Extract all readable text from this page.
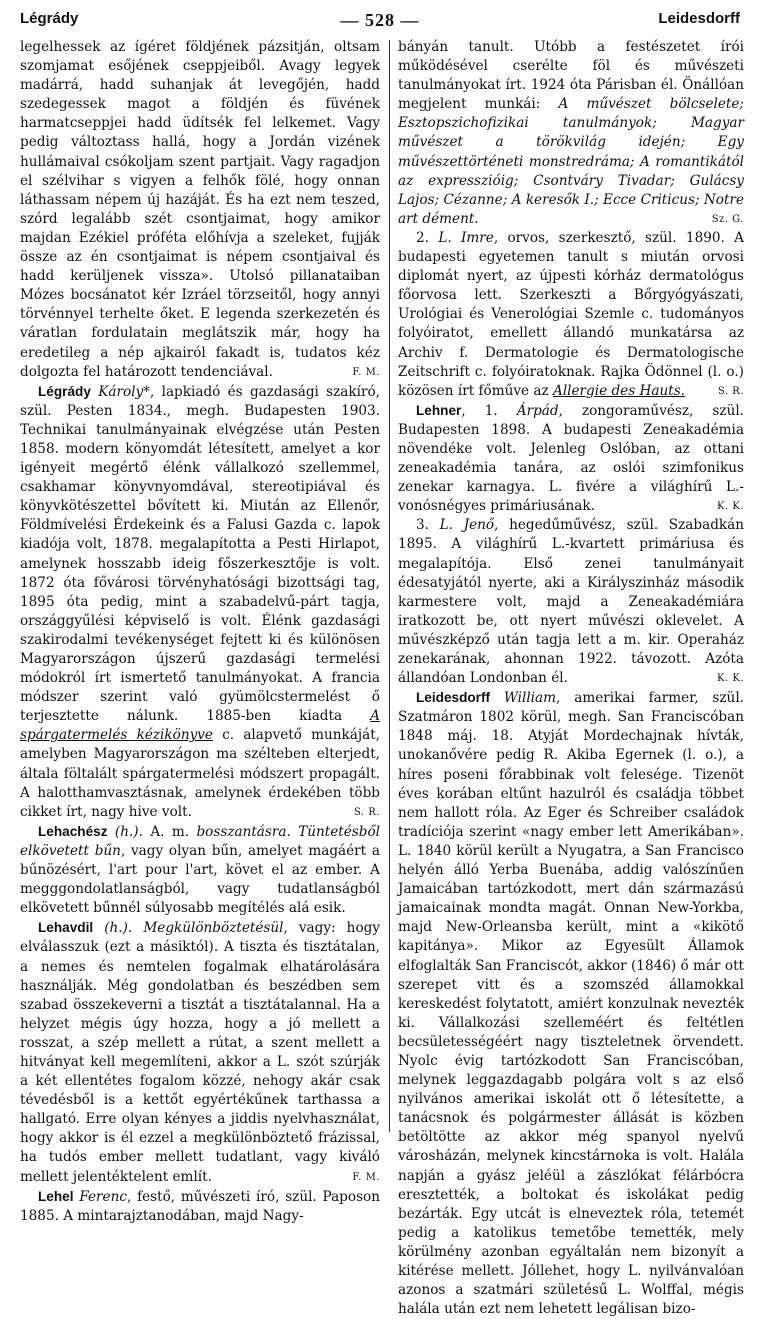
Légrády	— 528 —	Leidesdorff

legelhessek az ígéret földjének pázsitján, oltsam szomjamat esőjének cseppjeiből. Avagy legyek madárrá, hadd suhanjak át levegőjén, hadd szedegessek magot a földjén és füvének harmatcseppjei hadd üdítsék fel lelkemet. Vagy pedig változtass hallá, hogy a Jordán vizének hullámaival csókoljam szent partjait. Vagy ragadjon el szélvihar s vigyen a felhők fölé, hogy onnan láthassam népem új hazáját. És ha ezt nem teszed, szórd legalább szét csontjaimat, hogy amikor majdan Ezékiel próféta előhívja a szeleket, fujják össze az én csontjaimat is népem csontjaival és hadd kerüljenek vissza». Utolsó pillanataiban Mózes bocsánatot kér Izráel törzseitől, hogy annyi törvénnyel terhelte őket. E legenda szerkezetén és váratlan fordulatain meglátszik már, hogy ha eredetileg a nép ajkairól fakadt is, tudatos kéz dolgozta fel határozott tendenciával.	F. M.

Légrády Károly*, lapkiadó és gazdasági szakíró, szül. Pesten 1834., megh. Budapesten 1903. Technikai tanulmányainak elvégzése után Pesten 1858. modern könyomdát létesített, amelyet a kor igényeit megértő élénk vállalkozó szellemmel, csakhamar könyvnyomdával, stereotipiával és könyvkötészettel bővített ki. Miután az Ellenőr, Földmívelési Érdekeink és a Falusi Gazda c. lapok kiadója volt, 1878. megalapította a Pesti Hirlapot, amelynek hosszabb ideig főszerkesztője is volt. 1872 óta fővárosi törvényhatósági bizottsági tag, 1895 óta pedig, mint a szabadelvű-párt tagja, országgyűlési képviselő is volt. Élénk gazdasági szakirodalmi tevékenységet fejtett ki és különösen Magyarországon újszerű gazdasági termelési módokról írt ismertető tanulmányokat. A francia módszer szerint való gyümölcstermelést ő terjesztette nálunk. 1885-ben kiadta A spárgatermelés kézikönyve c. alapvető munkáját, amelyben Magyarországon ma szélteben elterjedt, általa föltalált spárgatermelési módszert propagált. A halotthamvasztásnak, amelynek érdekében több cikket írt, nagy hive volt.	S. R.

Lehachész (h.). A. m. bosszantásra. Tüntetésből elkövetett bűn, vagy olyan bűn, amelyet magáért a bűnözésért, l'art pour l'art, követ el az ember. A megggondolatlanságból, vagy tudatlanságból elkövetett bűnnél súlyosabb megítélés alá esik.

Lehavdil (h.). Megkülönböztetésül, vagy: hogy elválasszuk (ezt a másiktól). A tiszta és tisztátalan, a nemes és nemtelen fogalmak elhatárolására használják. Még gondolatban és beszédben sem szabad összekeverni a tisztát a tisztátalannal. Ha a helyzet mégis úgy hozza, hogy a jó mellett a rosszat, a szép mellett a rútat, a szent mellett a hitványat kell megemlíteni, akkor a L. szót szúrják a két ellentétes fogalom közzé, nehogy akár csak tévedésből is a kettőt egyértékűnek tarthassa a hallgató. Erre olyan kényes a jiddis nyelvhasználat, hogy akkor is él ezzel a megkülönböztető frázissal, ha tudós ember mellett tudatlant, vagy kiváló mellett jelentéktelent említ.	F. M.

Lehel Ferenc, festő, művészeti író, szül. Paposon 1885. A mintarajztanodában, majd Nagy-

bányán tanult. Utóbb a festészetet írói működésével cserélte föl és művészeti tanulmányokat írt. 1924 óta Párisban él. Önállóan megjelent munkái: A művészet bölcselete; Esztopszichofizikai tanulmányok; Magyar művészet a törökvilág idején; Egy művészettörténeti monstredráma; A romantikától az expresszióig; Csontváry Tivadar; Gulácsy Lajos; Cézanne; A keresők I.; Ecce Criticus; Notre art dément.	Sz. G.

2. L. Imre, orvos, szerkesztő, szül. 1890. A budapesti egyetemen tanult s miután orvosi diplomát nyert, az újpesti kórház dermatológus főorvosa lett. Szerkeszti a Bőrgyógyászati, Urológiai és Venerológiai Szemle c. tudományos folyóiratot, emellett állandó munkatársa az Archiv f. Dermatologie és Dermatologische Zeitschrift c. folyóiratoknak. Rajka Ödönnel (l. o.) közösen írt főműve az Allergie des Hauts.	S. R.

Lehner, 1. Árpád, zongoraművész, szül. Budapesten 1898. A budapesti Zeneakadémia növendéke volt. Jelenleg Oslóban, az ottani zeneakadémia tanára, az oslói szimfonikus zenekar karnagya. L. fivére a világhírű L.-vonósnégyes primáriusának.	K. K.

3. L. Jenő, hegedűművész, szül. Szabadkán 1895. A világhírű L.-kvartett primáriusa és megalapítója. Első zenei tanulmányait édesatyjától nyerte, aki a Királyszinház második karmestere volt, majd a Zeneakadémiára iratkozott be, ott nyert művészi oklevelet. A művészképző után tagja lett a m. kir. Operaház zenekarának, ahonnan 1922. távozott. Azóta állandóan Londonban él.	K. K.

Leidesdorff William, amerikai farmer, szül. Szatmáron 1802 körül, megh. San Franciscóban 1848 máj. 18. Atyját Mordechajnak hívták, unokanővére pedig R. Akiba Egernek (l. o.), a híres poseni főrabbinak volt felesége. Tizenöt éves korában eltűnt hazulról és családja többet nem hallott róla. Az Eger és Schreiber családok tradíciója szerint «nagy ember lett Amerikában». L. 1840 körül került a Nyugatra, a San Francisco helyén álló Yerba Buenába, addig valószínűen Jamaicában tartózkodott, mert dán származású jamaicainak mondta magát. Onnan New-Yorkba, majd New-Orleansba került, mint a «kikötő kapitánya». Mikor az Egyesült Államok elfoglalták San Franciscót, akkor (1846) ő már ott szerepet vitt és a szomszéd államokkal kereskedést folytatott, amiért konzulnak nevezték ki. Vállalkozási szelleméért és feltétlen becsületességéért nagy tiszteletnek örvendett. Nyolc évig tartózkodott San Franciscóban, melynek leggazdagabb polgára volt s az első nyilvános amerikai iskolát ott ő létesítette, a tanácsnok és polgármester állását is közben betöltötte az akkor még spanyol nyelvű városházán, melynek kincstárnoka is volt. Halála napján a gyász jeléül a zászlókat félárbócra eresztették, a boltokat és iskolákat pedig bezárták. Egy utcát is elneveztek róla, tetemét pedig a katolikus temetőbe temették, mely körülmény azonban egyáltalán nem bizonyít a kitérése mellett. Jóllehet, hogy L. nyilvánvalóan azonos a szatmári születésű L. Wolffal, mégis halála után ezt nem lehetett legálisan bizo-
